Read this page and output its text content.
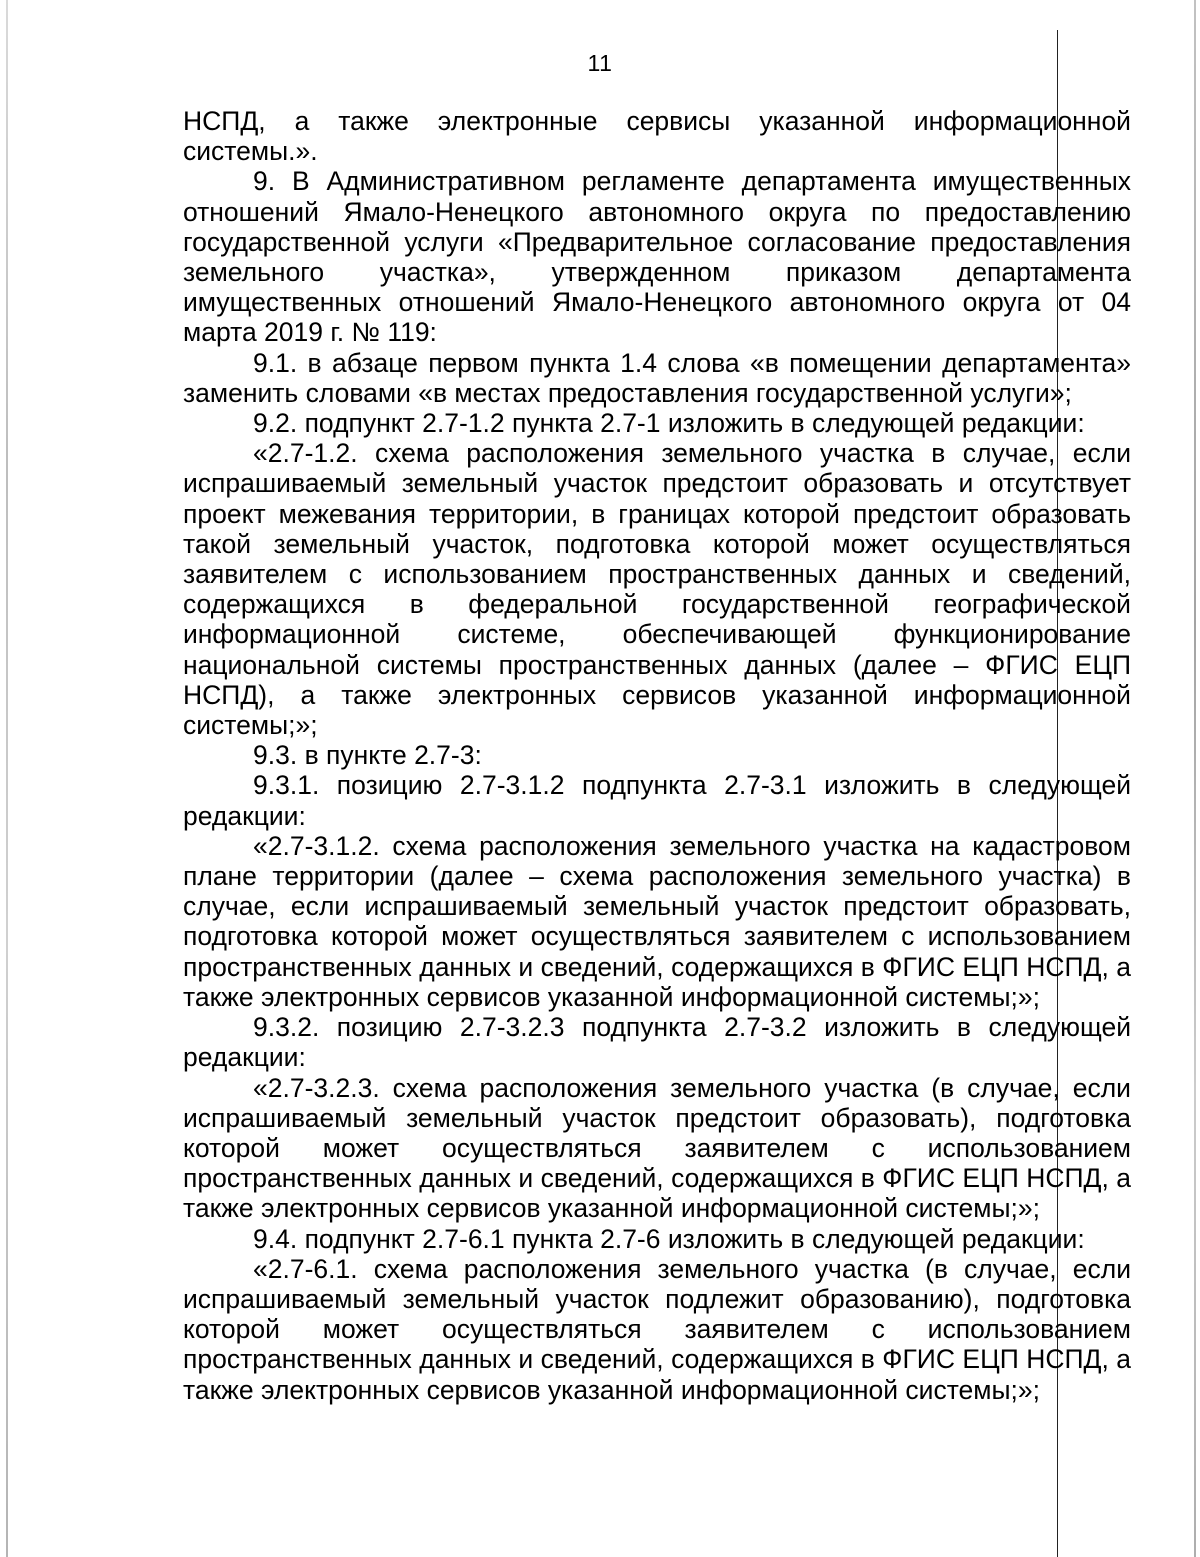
11

НСПД, а также электронные сервисы указанной информационной системы.».

9. В Административном регламенте департамента имущественных отношений Ямало-Ненецкого автономного округа по предоставлению государственной услуги «Предварительное согласование предоставления земельного участка», утвержденном приказом департамента имущественных отношений Ямало-Ненецкого автономного округа от 04 марта 2019 г. № 119:

9.1. в абзаце первом пункта 1.4 слова «в помещении департамента» заменить словами «в местах предоставления государственной услуги»;

9.2. подпункт 2.7-1.2 пункта 2.7-1 изложить в следующей редакции:

«2.7-1.2. схема расположения земельного участка в случае, если испрашиваемый земельный участок предстоит образовать и отсутствует проект межевания территории, в границах которой предстоит образовать такой земельный участок, подготовка которой может осуществляться заявителем с использованием пространственных данных и сведений, содержащихся в федеральной государственной географической информационной системе, обеспечивающей функционирование национальной системы пространственных данных (далее – ФГИС ЕЦП НСПД), а также электронных сервисов указанной информационной системы;»;

9.3. в пункте 2.7-3:

9.3.1. позицию 2.7-3.1.2 подпункта 2.7-3.1 изложить в следующей редакции:

«2.7-3.1.2. схема расположения земельного участка на кадастровом плане территории (далее – схема расположения земельного участка) в случае, если испрашиваемый земельный участок предстоит образовать, подготовка которой может осуществляться заявителем с использованием пространственных данных и сведений, содержащихся в ФГИС ЕЦП НСПД, а также электронных сервисов указанной информационной системы;»;

9.3.2. позицию 2.7-3.2.3 подпункта 2.7-3.2 изложить в следующей редакции:

«2.7-3.2.3. схема расположения земельного участка (в случае, если испрашиваемый земельный участок предстоит образовать), подготовка которой может осуществляться заявителем с использованием пространственных данных и сведений, содержащихся в ФГИС ЕЦП НСПД, а также электронных сервисов указанной информационной системы;»;

9.4. подпункт 2.7-6.1 пункта 2.7-6 изложить в следующей редакции:

«2.7-6.1. схема расположения земельного участка (в случае, если испрашиваемый земельный участок подлежит образованию), подготовка которой может осуществляться заявителем с использованием пространственных данных и сведений, содержащихся в ФГИС ЕЦП НСПД, а также электронных сервисов указанной информационной системы;»;
